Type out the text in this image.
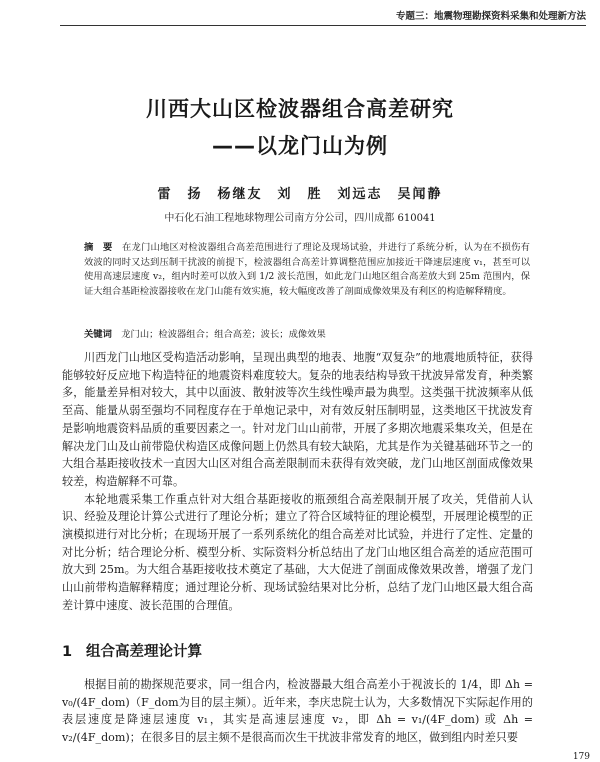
专题三：地震物理勘探资料采集和处理新方法
川西大山区检波器组合高差研究
——以龙门山为例
雷　扬　杨继友　刘　胜　刘远志　吴闻静
中石化石油工程地球物理公司南方分公司，四川成都 610041
摘　要　 在龙门山地区对检波器组合高差范围进行了理论及现场试验，并进行了系统分析，认为在不损伤有效波的同时又达到压制干扰波的前提下，检波器组合高差计算调整范围应加接近干降速层速度 v₁，甚至可以使用高速层速度 v₂，组内时差可以放入到 1/2 波长范围，如此龙门山地区组合高差放大到 25m 范围内，保证大组合基距检波器接收在龙门山能有效实施，较大幅度改善了剖面成像效果及有利区的构造解释精度。
关键词　 龙门山；检波器组合；组合高差；波长；成像效果

川西龙门山地区受构造活动影响，呈现出典型的地表、地腹“双复杂”的地震地质特征，获得能够较好反应地下构造特征的地震资料难度较大。复杂的地表结构导致干扰波异常发育，种类繁多，能量差异相对较大，其中以面波、散射波等次生线性噪声最为典型。这类强干扰波频率从低至高、能量从弱至强均不同程度存在于单炮记录中，对有效反射压制明显，这类地区干扰波发育是影响地震资料品质的重要因素之一。针对龙门山山前带，开展了多期次地震采集攻关，但是在解决龙门山及山前带隐伏构造区成像问题上仍然具有较大缺陷，尤其是作为关键基础环节之一的大组合基距接收技术一直因大山区对组合高差限制而未获得有效突破，龙门山地区剖面成像效果较差，构造解释不可靠。

本轮地震采集工作重点针对大组合基距接收的瓶颈组合高差限制开展了攻关，凭借前人认识、经验及理论计算公式进行了理论分析；建立了符合区域特征的理论模型，开展理论模型的正演模拟进行对比分析；在现场开展了一系列系统化的组合高差对比试验，并进行了定性、定量的对比分析；结合理论分析、模型分析、实际资料分析总结出了龙门山地区组合高差的适应范围可放大到 25m。为大组合基距接收技术奠定了基础，大大促进了剖面成像效果改善，增强了龙门山山前带构造解释精度；通过理论分析、现场试验结果对比分析，总结了龙门山地区最大组合高差计算中速度、波长范围的合理值。

1 组合高差理论计算

根据目前的勘探规范要求，同一组合内，检波器最大组合高差小于视波长的 1/4，即 Δh = v₀/(4F_dom)（F_dom为目的层主频）。近年来，李庆忠院士认为，大多数情况下实际起作用的表层速度是降速层速度 v₁，其实是高速层速度 v₂，即 Δh = v₁/(4F_dom) 或 Δh = v₂/(4F_dom)；在很多目的层主频不是很高而次生干扰波非常发育的地区，做到组内时差只要

179
